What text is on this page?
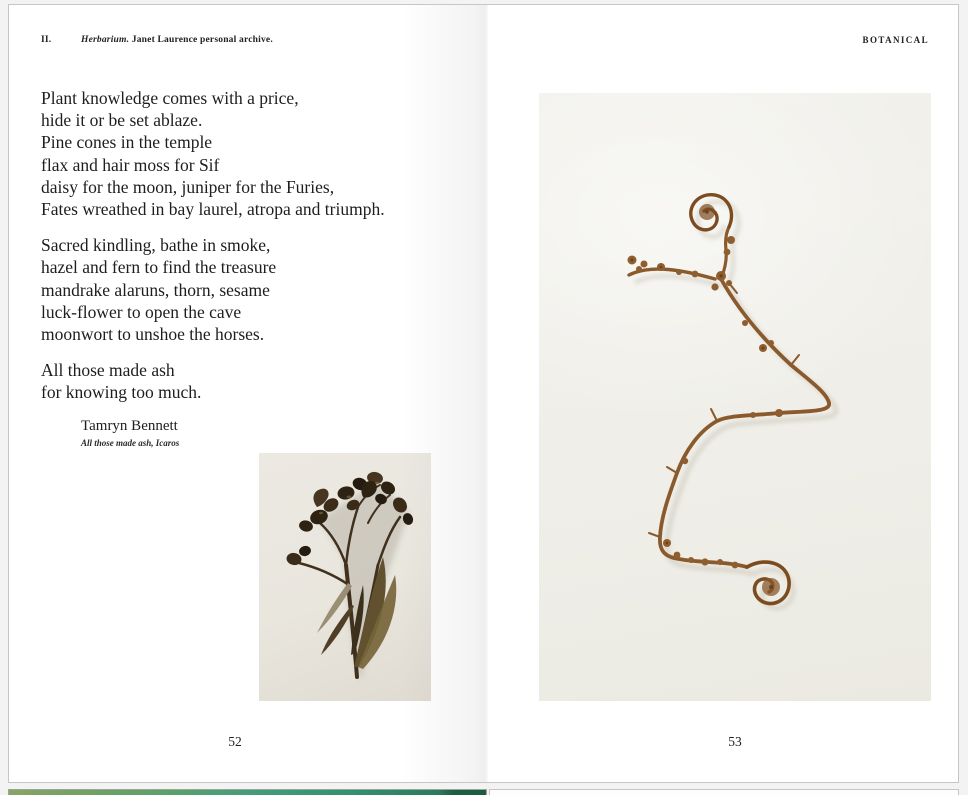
II.	Herbarium. Janet Laurence personal archive.
Plant knowledge comes with a price,
hide it or be set ablaze.
Pine cones in the temple
flax and hair moss for Sif
daisy for the moon, juniper for the Furies,
Fates wreathed in bay laurel, atropa and triumph.
Sacred kindling, bathe in smoke,
hazel and fern to find the treasure
mandrake alaruns, thorn, sesame
luck-flower to open the cave
moonwort to unshoe the horses.
All those made ash
for knowing too much.
Tamryn Bennett
All those made ash, Icaros
52
BOTANICAL
53
